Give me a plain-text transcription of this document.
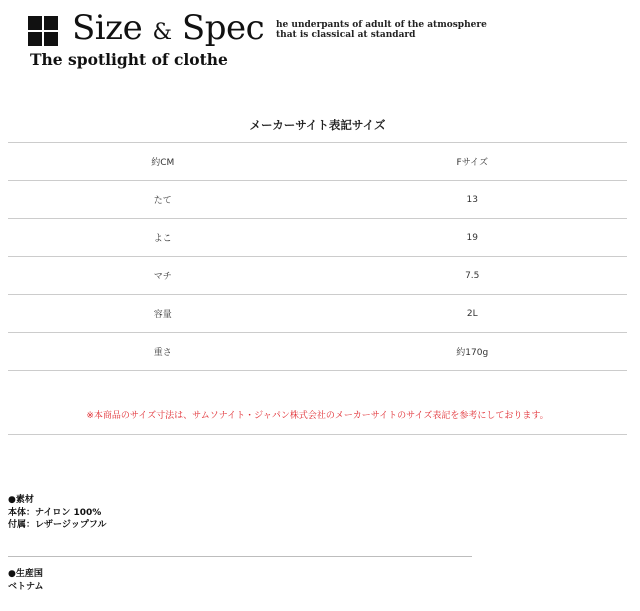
Size & Spec
The spotlight of clothe
he underpants of adult of the atmosphere
that is classical at standard
メーカーサイト表記サイズ
約CM	Fサイズ
たて	13
よこ	19
マチ	7.5
容量	2L
重さ	約170g
※本商品のサイズ寸法は、サムソナイト・ジャパン株式会社のメーカーサイトのサイズ表記を参考にしております。
●素材
本体：ナイロン 100%
付属：レザージップフル
●生産国
ベトナム
